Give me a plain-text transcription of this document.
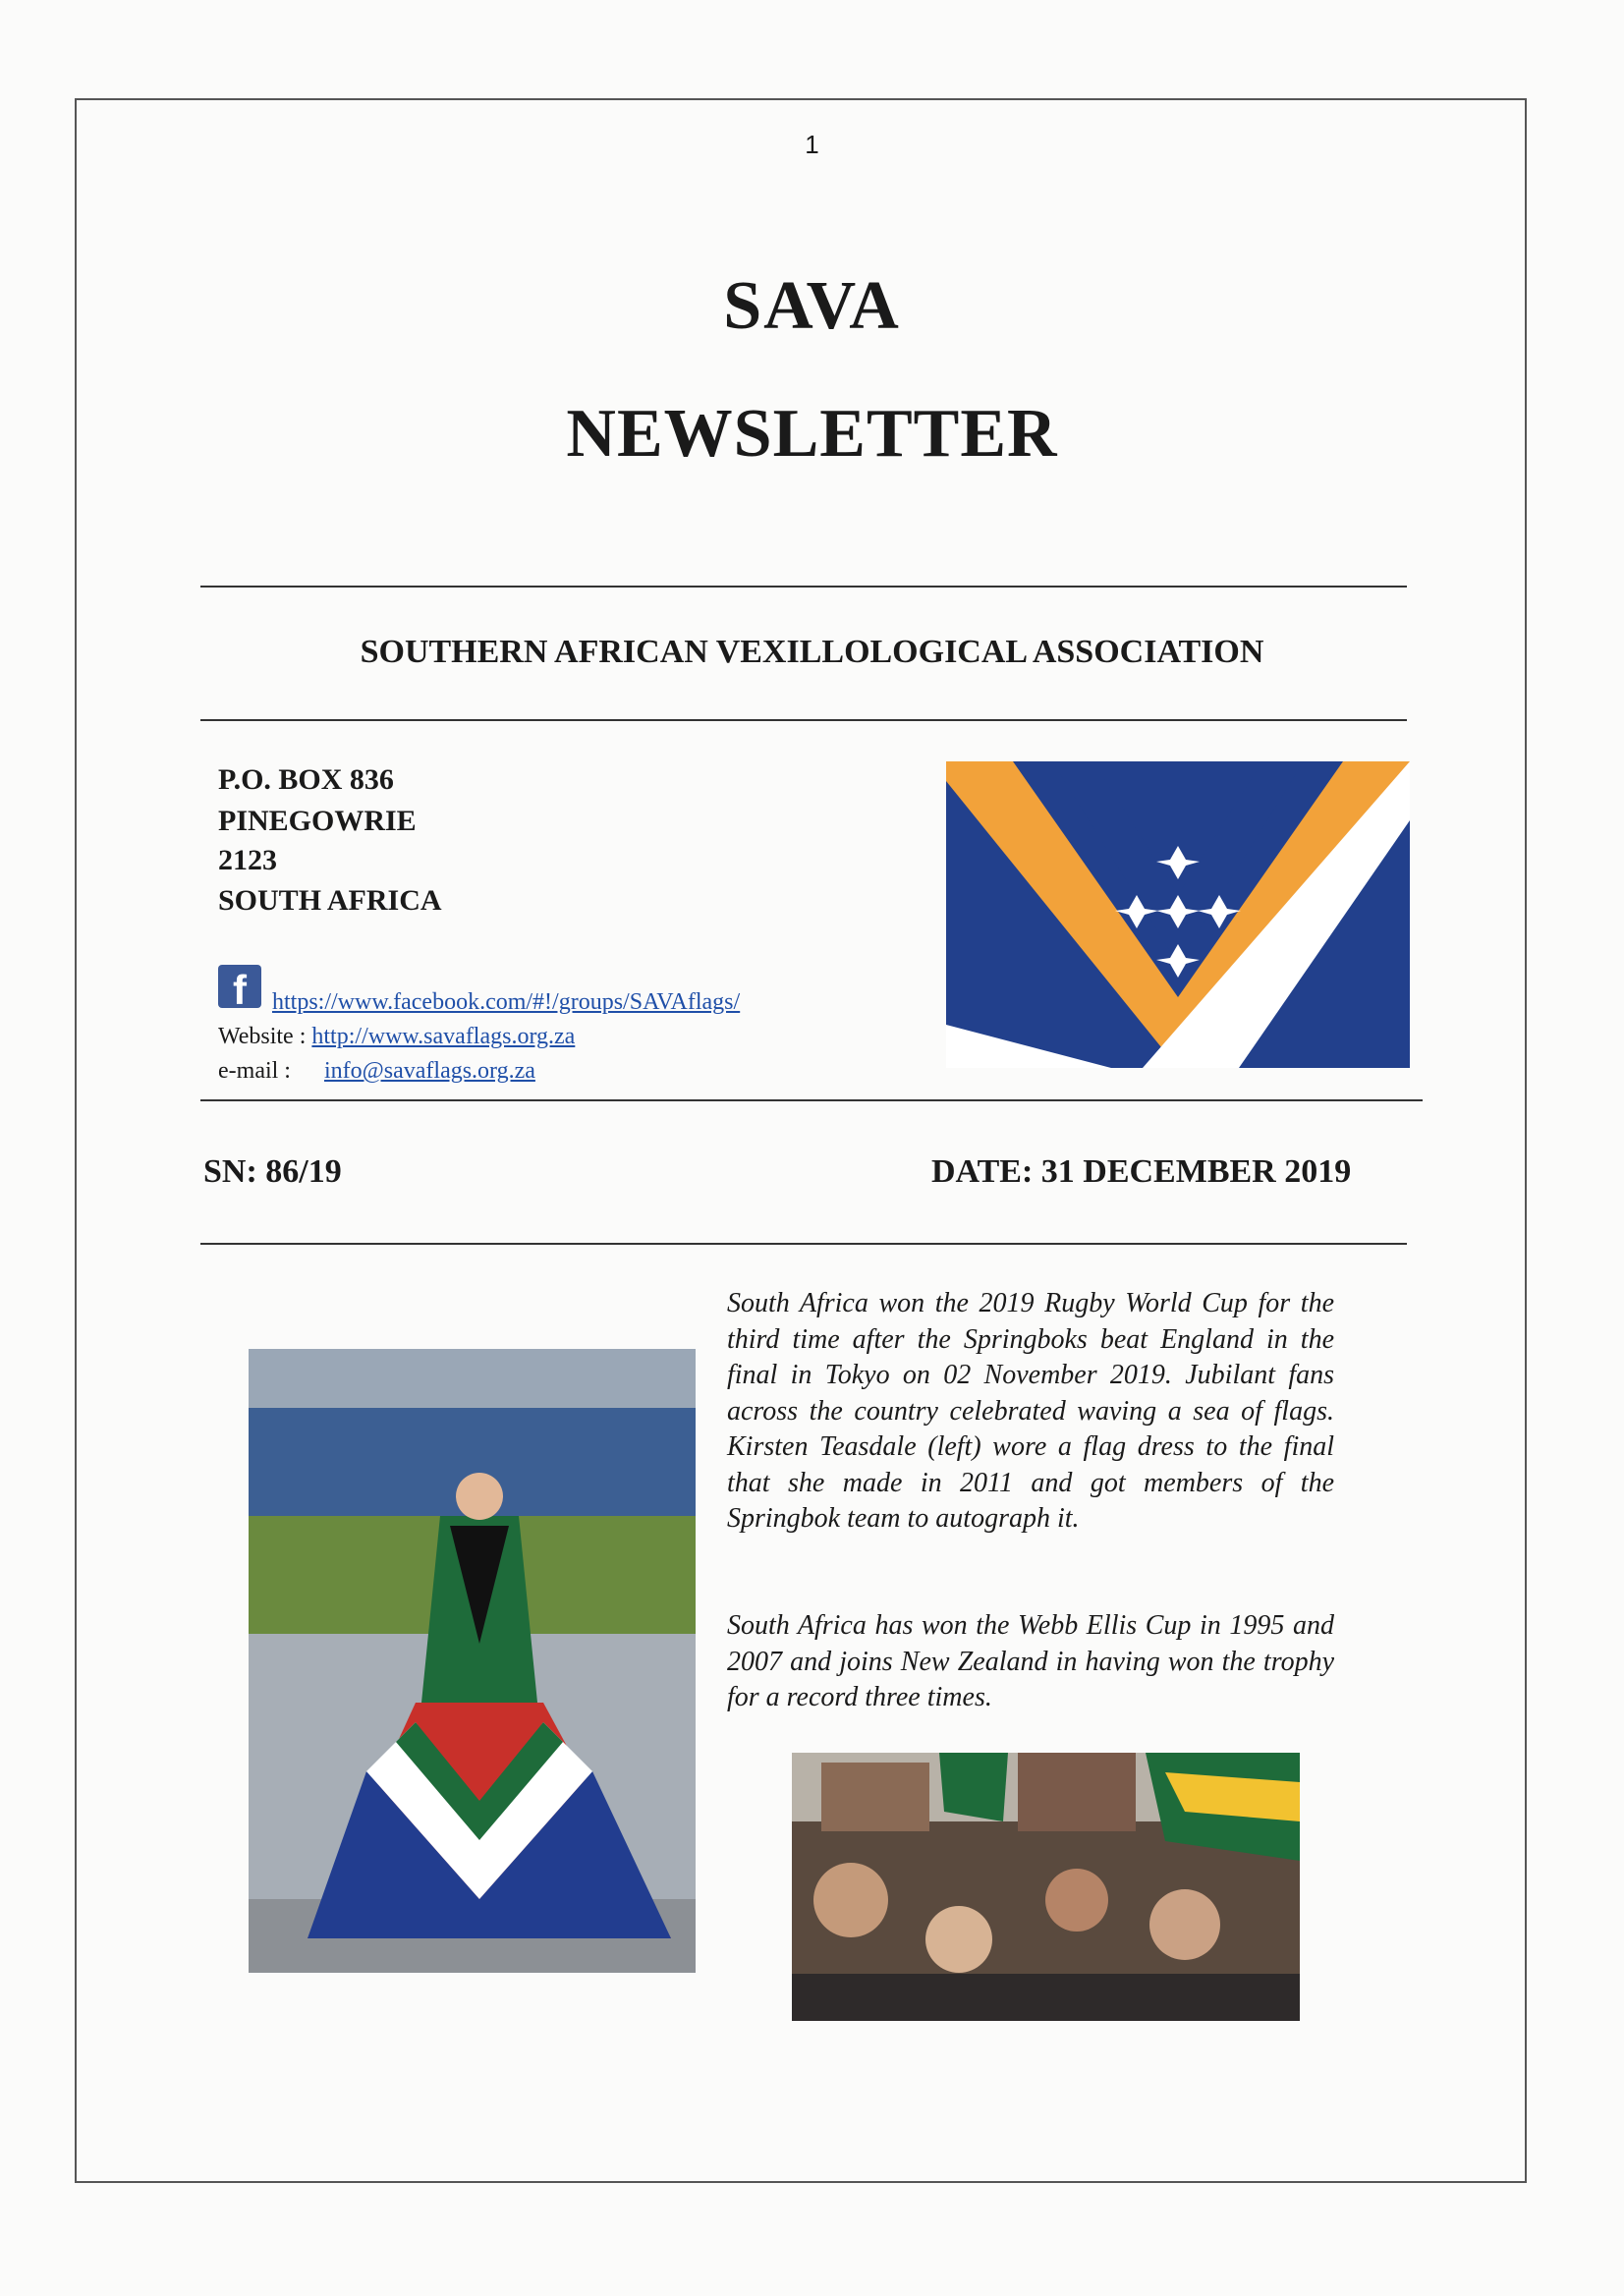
1
SAVA
NEWSLETTER
SOUTHERN AFRICAN VEXILLOLOGICAL ASSOCIATION
P.O. BOX 836
PINEGOWRIE
2123
SOUTH AFRICA
f	https://www.facebook.com/#!/groups/SAVAflags/
Website : http://www.savaflags.org.za
e-mail : info@savaflags.org.za
SN: 86/19	DATE: 31 DECEMBER 2019
South Africa won the 2019 Rugby World Cup for the third time after the Springboks beat England in the final in Tokyo on 02 November 2019. Jubilant fans across the country celebrated waving a sea of flags. Kirsten Teasdale (left) wore a flag dress to the final that she made in 2011 and got members of the Springbok team to autograph it.
South Africa has won the Webb Ellis Cup in 1995 and 2007 and joins New Zealand in having won the trophy for a record three times.
